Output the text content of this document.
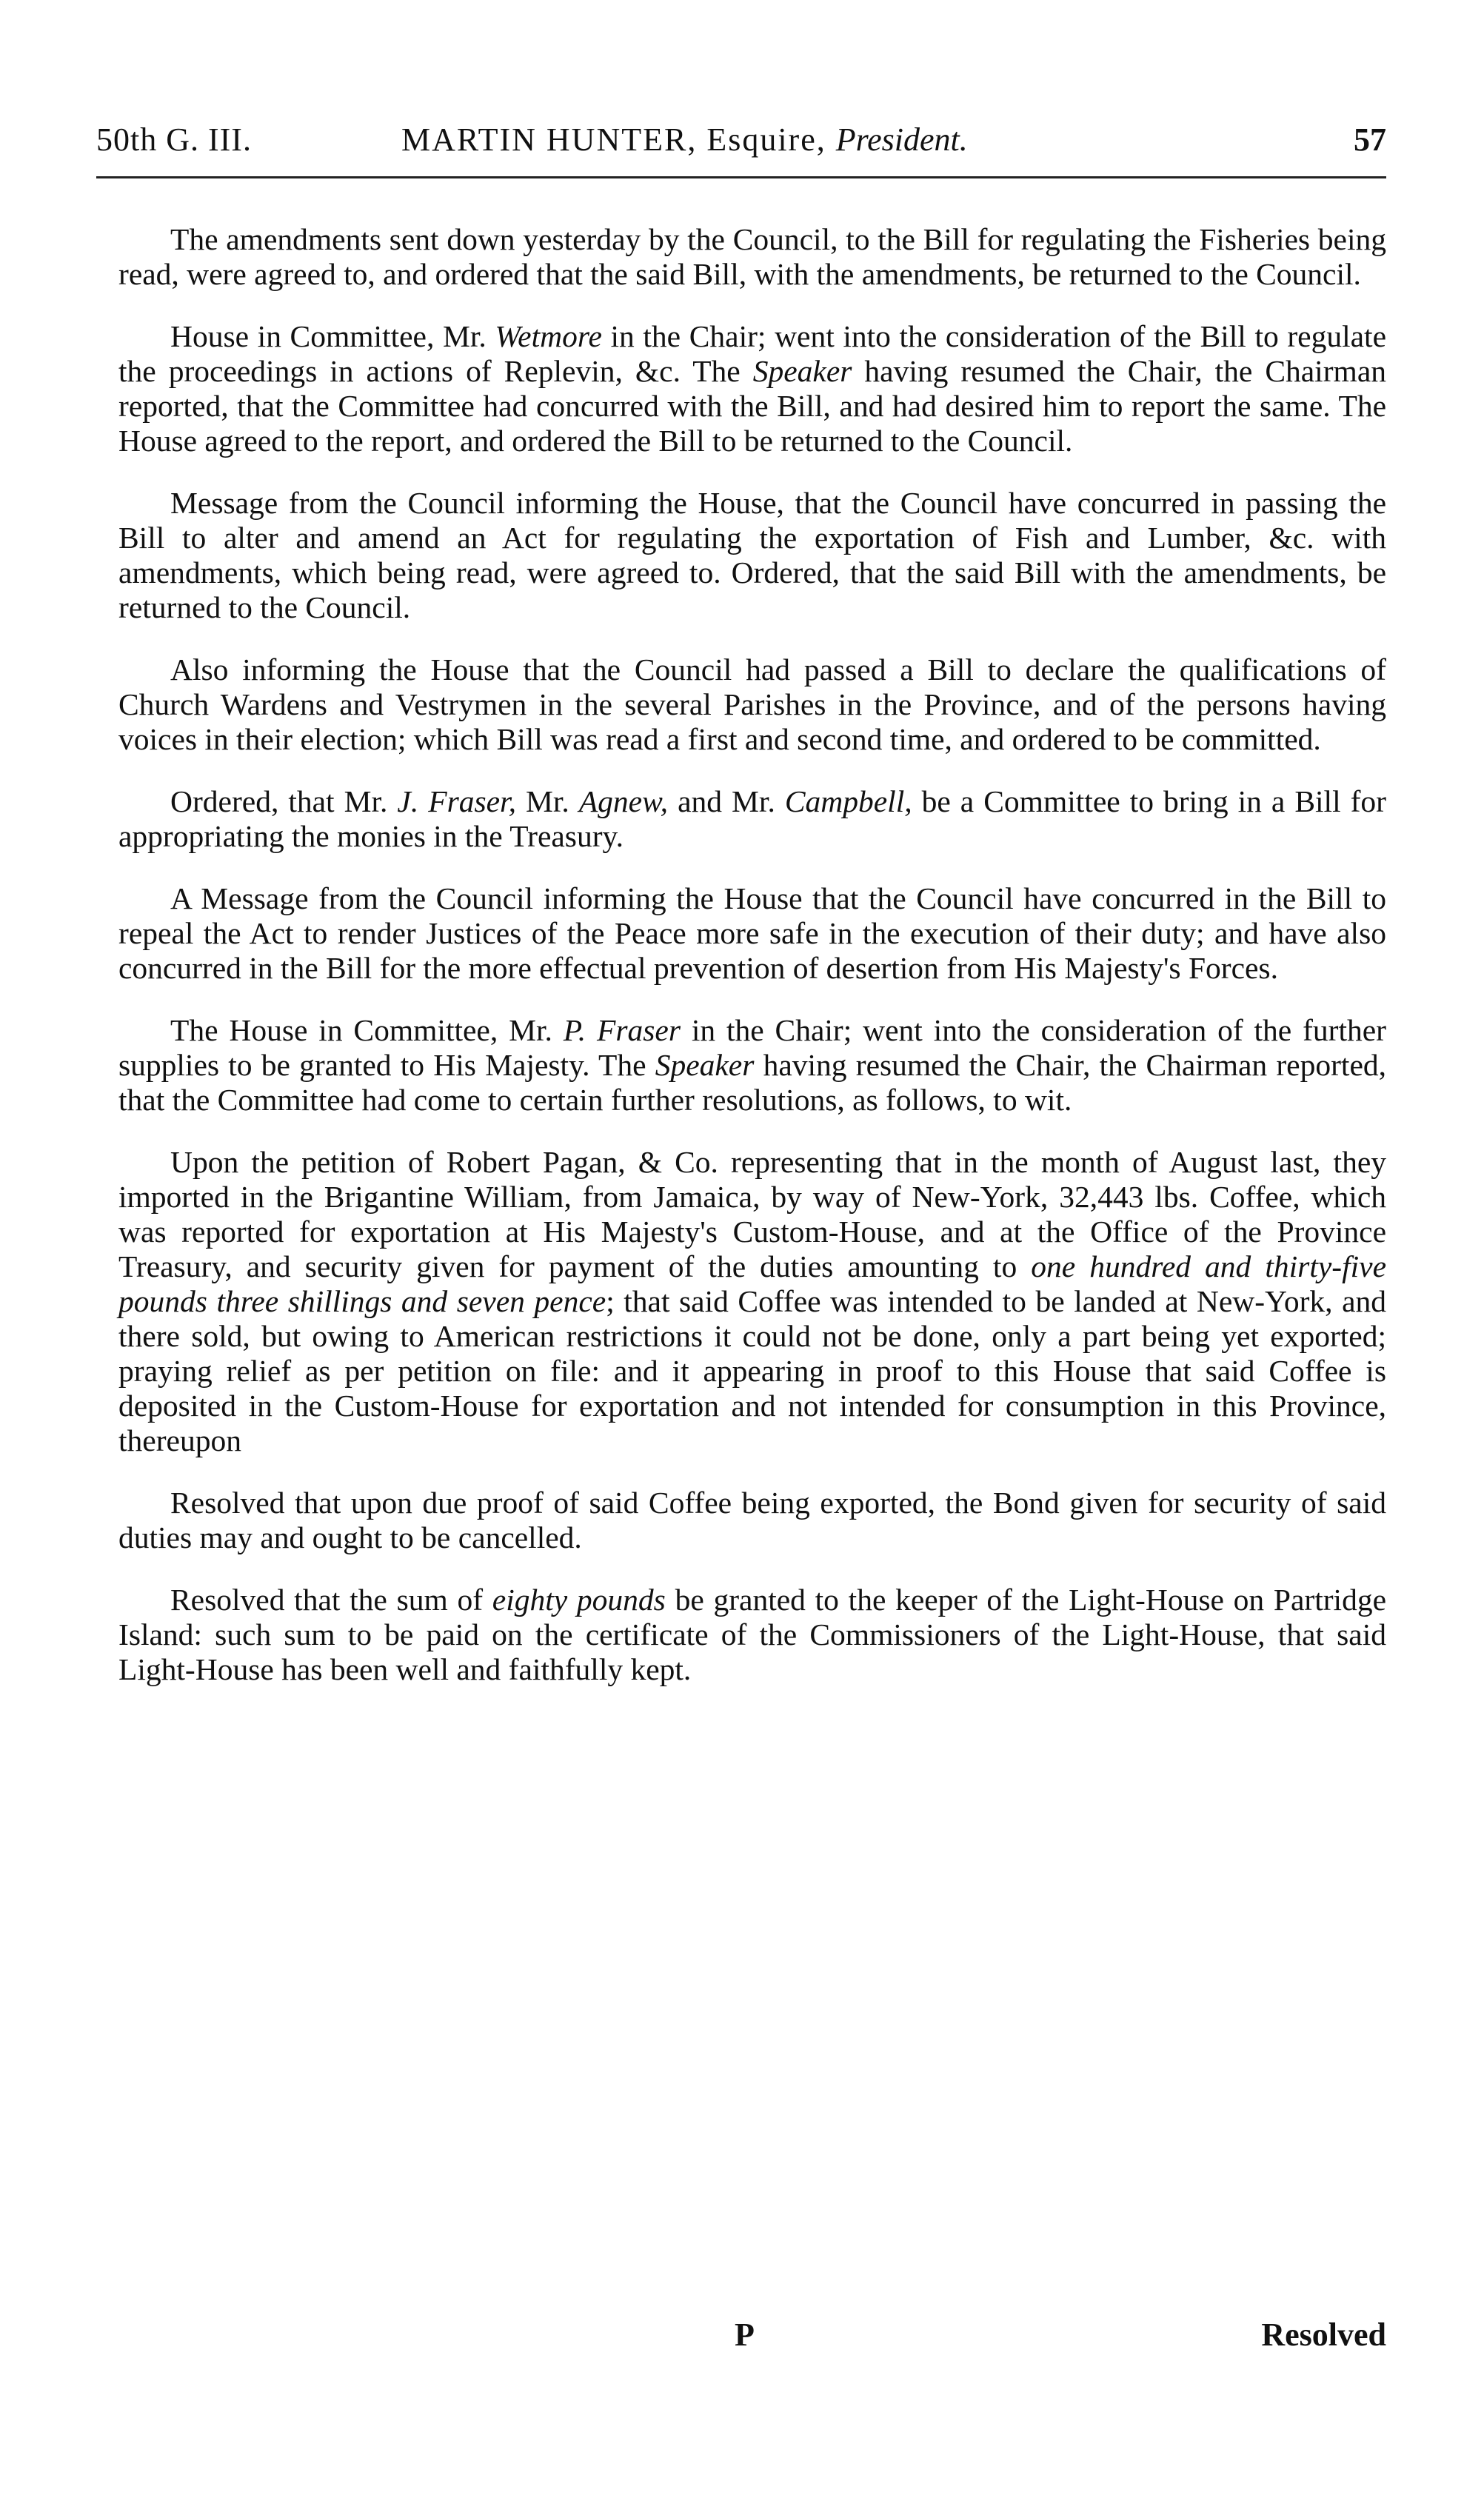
50th G. III.	MARTIN HUNTER, Esquire, President.	57

The amendments sent down yesterday by the Council, to the Bill for regulating the Fisheries being read, were agreed to, and ordered that the said Bill, with the amendments, be returned to the Council.

House in Committee, Mr. Wetmore in the Chair; went into the consideration of the Bill to regulate the proceedings in actions of Replevin, &c. The Speaker having resumed the Chair, the Chairman reported, that the Committee had concurred with the Bill, and had desired him to report the same. The House agreed to the report, and ordered the Bill to be returned to the Council.

Message from the Council informing the House, that the Council have concurred in passing the Bill to alter and amend an Act for regulating the exportation of Fish and Lumber, &c. with amendments, which being read, were agreed to. Ordered, that the said Bill with the amendments, be returned to the Council.

Also informing the House that the Council had passed a Bill to declare the qualifications of Church Wardens and Vestrymen in the several Parishes in the Province, and of the persons having voices in their election; which Bill was read a first and second time, and ordered to be committed.

Ordered, that Mr. J. Fraser, Mr. Agnew, and Mr. Campbell, be a Committee to bring in a Bill for appropriating the monies in the Treasury.

A Message from the Council informing the House that the Council have concurred in the Bill to repeal the Act to render Justices of the Peace more safe in the execution of their duty; and have also concurred in the Bill for the more effectual prevention of desertion from His Majesty's Forces.

The House in Committee, Mr. P. Fraser in the Chair; went into the consideration of the further supplies to be granted to His Majesty. The Speaker having resumed the Chair, the Chairman reported, that the Committee had come to certain further resolutions, as follows, to wit.

Upon the petition of Robert Pagan, & Co. representing that in the month of August last, they imported in the Brigantine William, from Jamaica, by way of New-York, 32,443 lbs. Coffee, which was reported for exportation at His Majesty's Custom-House, and at the Office of the Province Treasury, and security given for payment of the duties amounting to one hundred and thirty-five pounds three shillings and seven pence; that said Coffee was intended to be landed at New-York, and there sold, but owing to American restrictions it could not be done, only a part being yet exported; praying relief as per petition on file: and it appearing in proof to this House that said Coffee is deposited in the Custom-House for exportation and not intended for consumption in this Province, thereupon

Resolved that upon due proof of said Coffee being exported, the Bond given for security of said duties may and ought to be cancelled.

Resolved that the sum of eighty pounds be granted to the keeper of the Light-House on Partridge Island: such sum to be paid on the certificate of the Commissioners of the Light-House, that said Light-House has been well and faithfully kept.

P	Resolved
